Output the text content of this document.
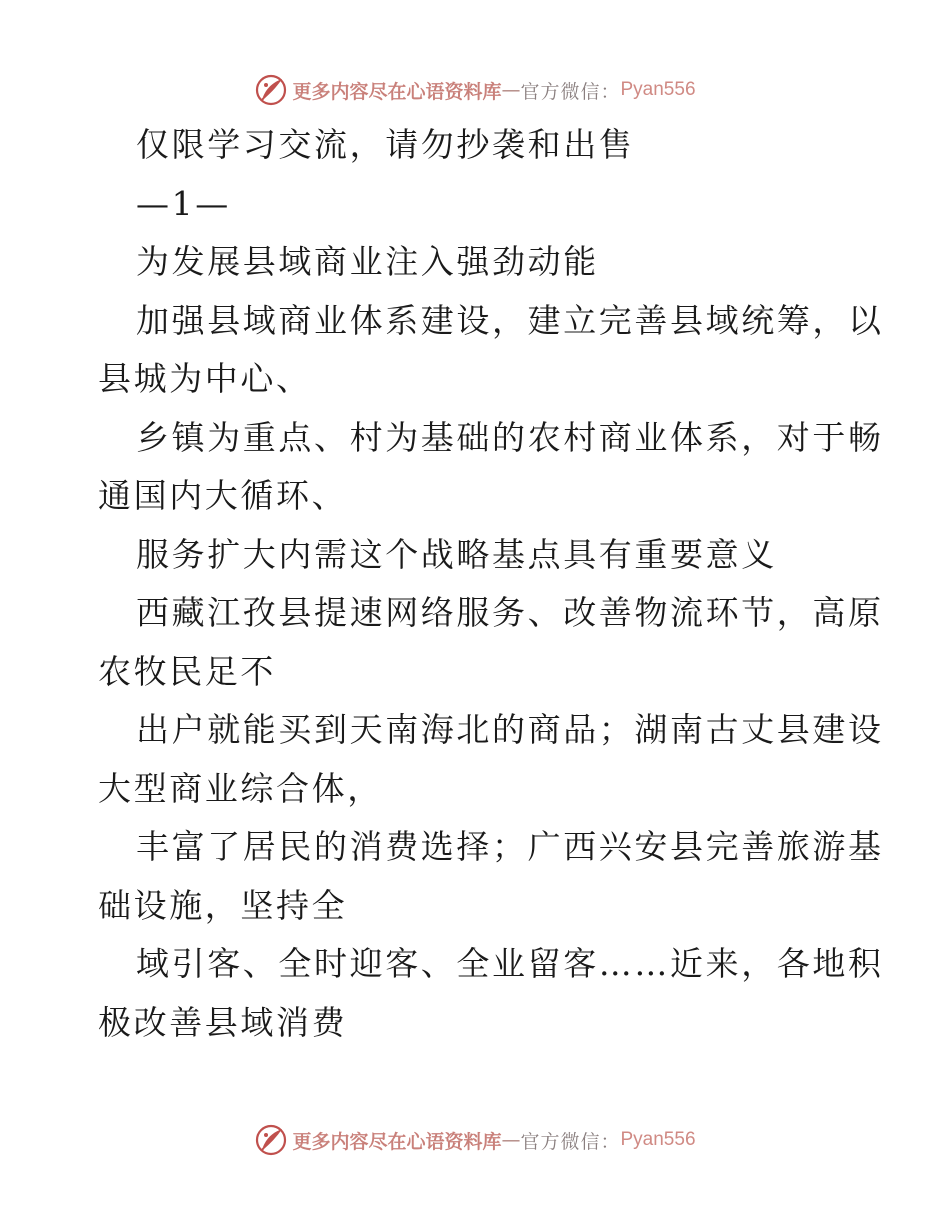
更多内容尽在心语资料库 — 官方微信： Pyan556
仅限学习交流，请勿抄袭和出售
—1—
为发展县域商业注入强劲动能
加强县域商业体系建设，建立完善县域统筹，以
县城为中心、
乡镇为重点、村为基础的农村商业体系，对于畅
通国内大循环、
服务扩大内需这个战略基点具有重要意义
西藏江孜县提速网络服务、改善物流环节，高原
农牧民足不
出户就能买到天南海北的商品；湖南古丈县建设
大型商业综合体，
丰富了居民的消费选择；广西兴安县完善旅游基
础设施，坚持全
域引客、全时迎客、全业留客……近来，各地积
极改善县域消费
更多内容尽在心语资料库 — 官方微信： Pyan556
